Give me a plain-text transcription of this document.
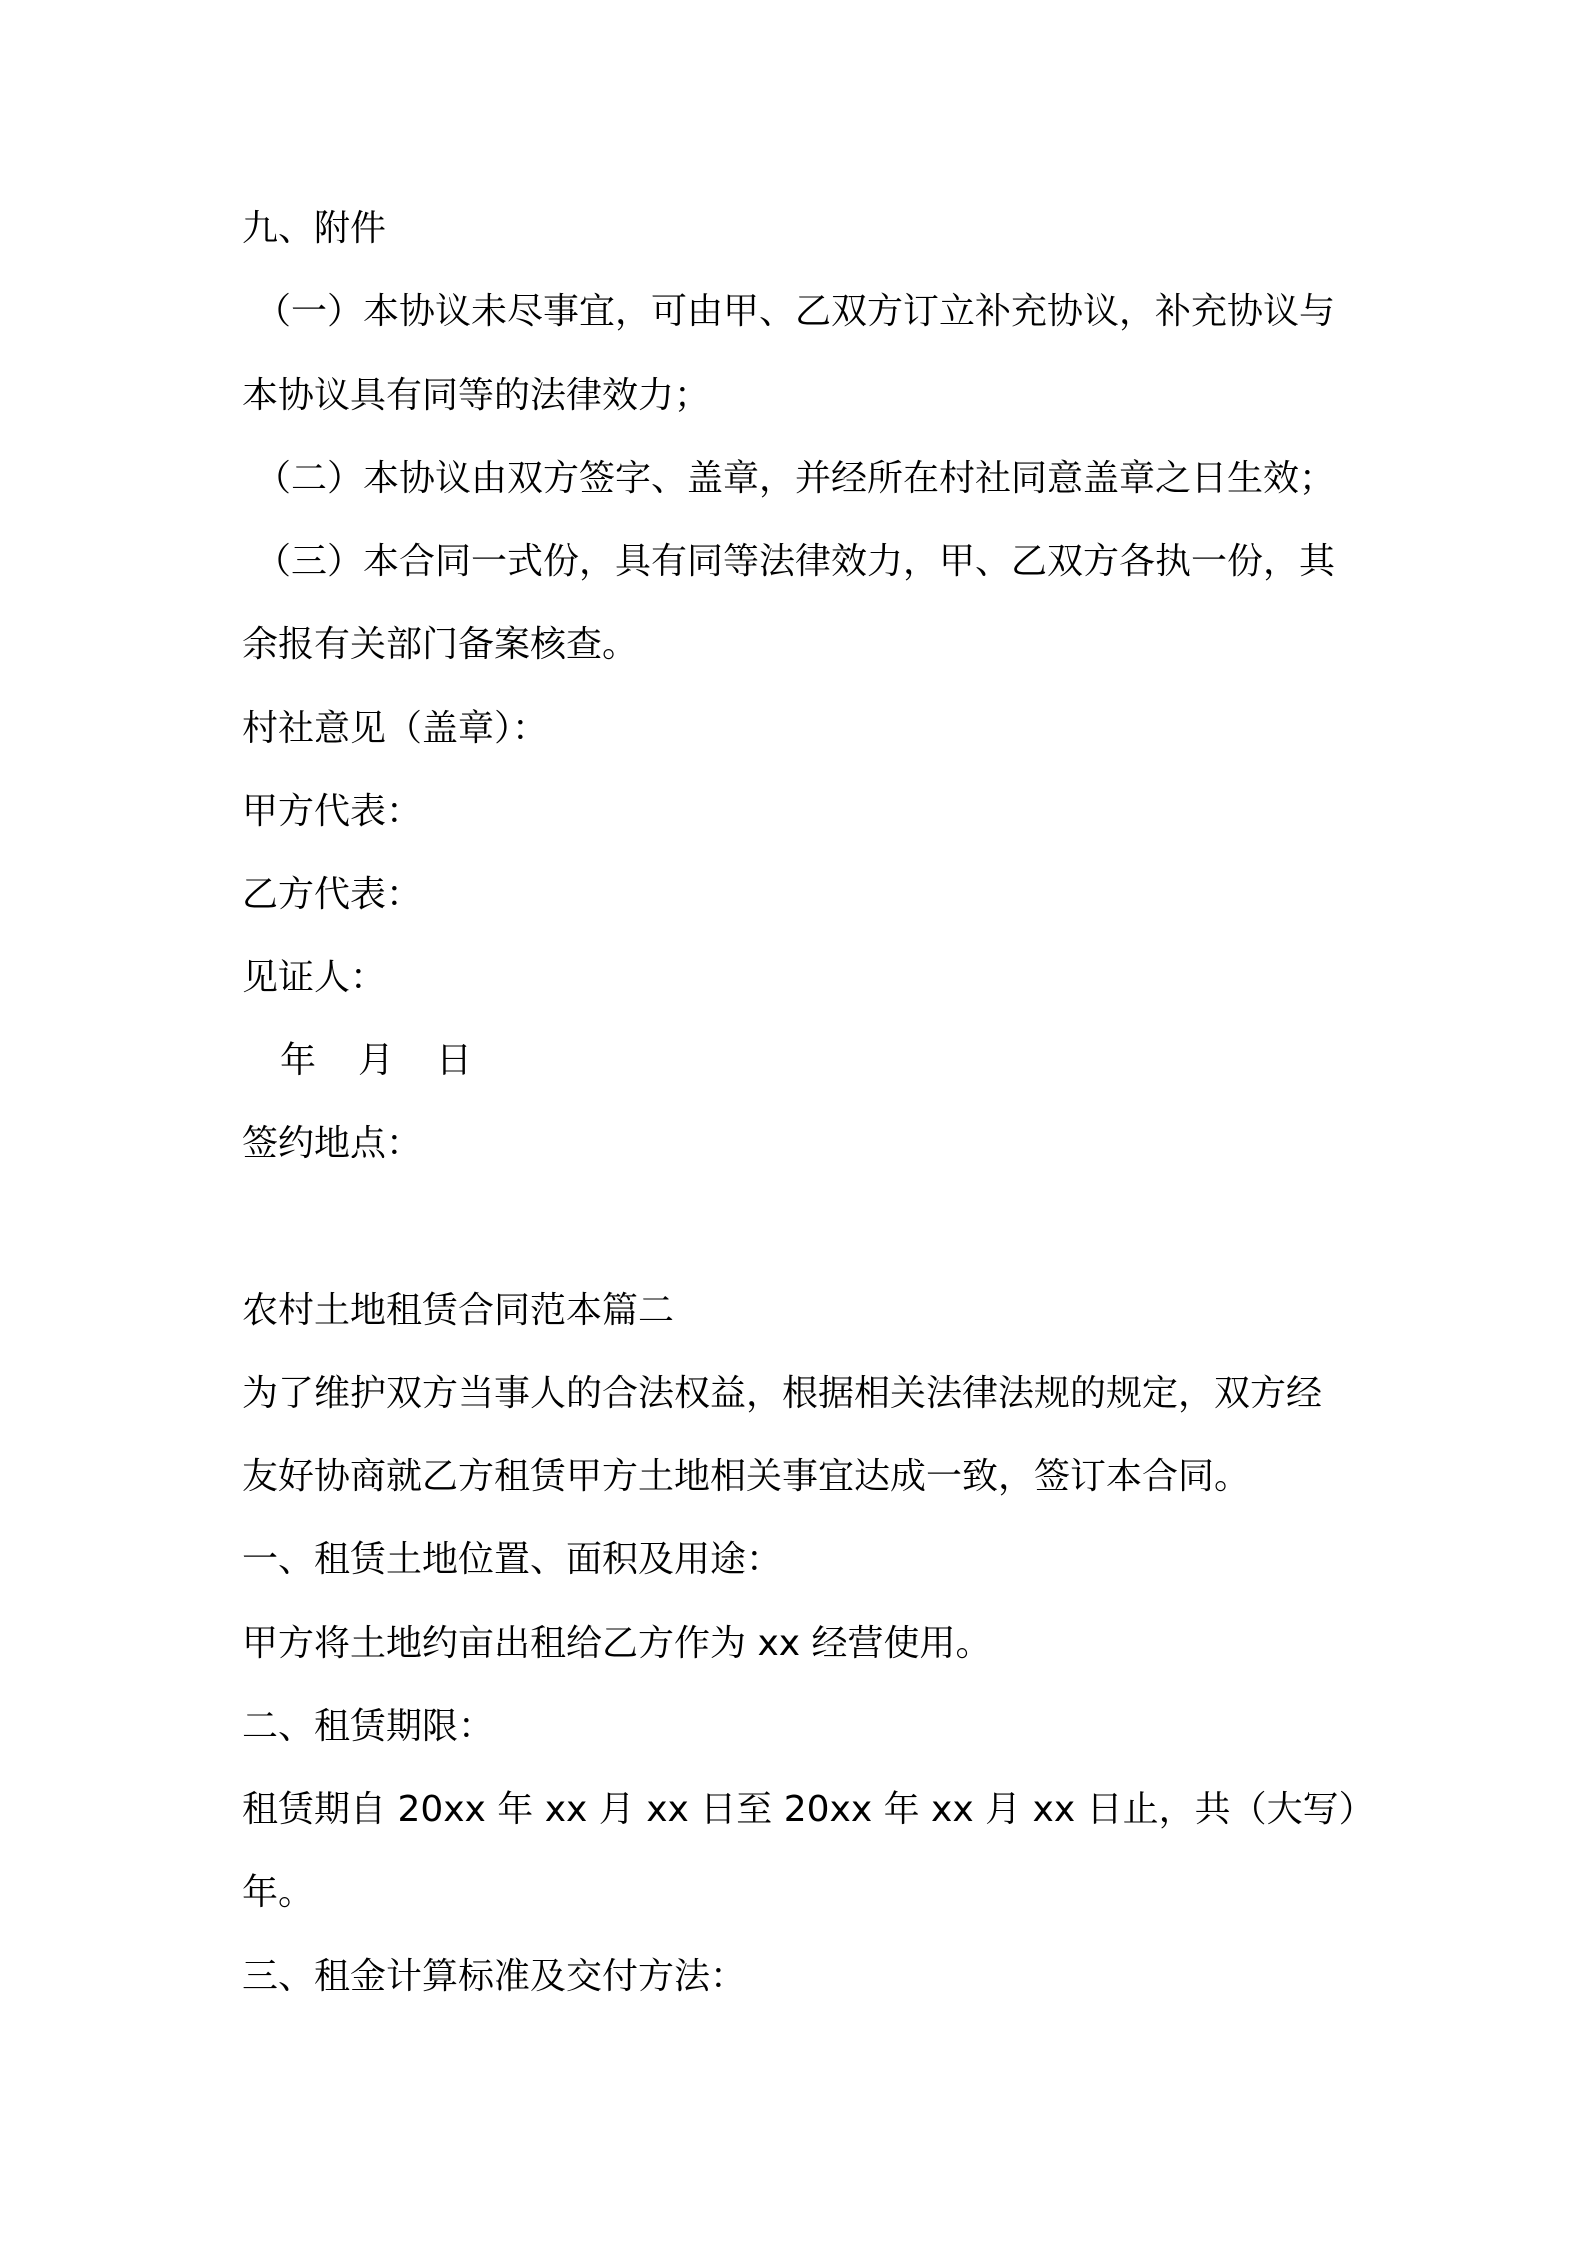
九、附件

（一）本协议未尽事宜，可由甲、乙双方订立补充协议，补充协议与

本协议具有同等的法律效力；

（二）本协议由双方签字、盖章，并经所在村社同意盖章之日生效；

（三）本合同一式份，具有同等法律效力，甲、乙双方各执一份，其

余报有关部门备案核查。

村社意见（盖章）：

甲方代表：

乙方代表：

见证人：

年 月 日

签约地点：

农村土地租赁合同范本篇二

为了维护双方当事人的合法权益，根据相关法律法规的规定，双方经

友好协商就乙方租赁甲方土地相关事宜达成一致，签订本合同。

一、租赁土地位置、面积及用途：

甲方将土地约亩出租给乙方作为 xx 经营使用。

二、租赁期限：

租赁期自 20xx 年 xx 月 xx 日至 20xx 年 xx 月 xx 日止，共（大写）

年。

三、租金计算标准及交付方法：
